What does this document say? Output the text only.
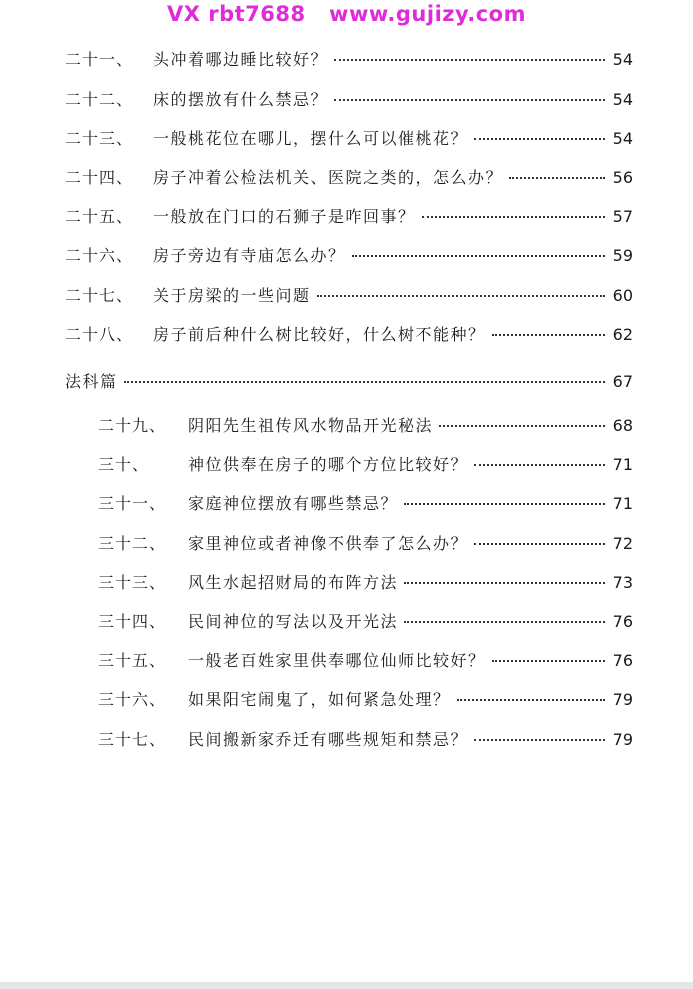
VX rbt7688   www.gujizy.com
二十一、	头冲着哪边睡比较好？	54
二十二、	床的摆放有什么禁忌？	54
二十三、	一般桃花位在哪儿，摆什么可以催桃花？	54
二十四、	房子冲着公检法机关、医院之类的，怎么办？	56
二十五、	一般放在门口的石狮子是咋回事？	57
二十六、	房子旁边有寺庙怎么办？	59
二十七、	关于房梁的一些问题	60
二十八、	房子前后种什么树比较好，什么树不能种？	62
法科篇	67
二十九、	阴阳先生祖传风水物品开光秘法	68
三十、	神位供奉在房子的哪个方位比较好？	71
三十一、	家庭神位摆放有哪些禁忌？	71
三十二、	家里神位或者神像不供奉了怎么办？	72
三十三、	风生水起招财局的布阵方法	73
三十四、	民间神位的写法以及开光法	76
三十五、	一般老百姓家里供奉哪位仙师比较好？	76
三十六、	如果阳宅闹鬼了，如何紧急处理？	79
三十七、	民间搬新家乔迁有哪些规矩和禁忌？	79
